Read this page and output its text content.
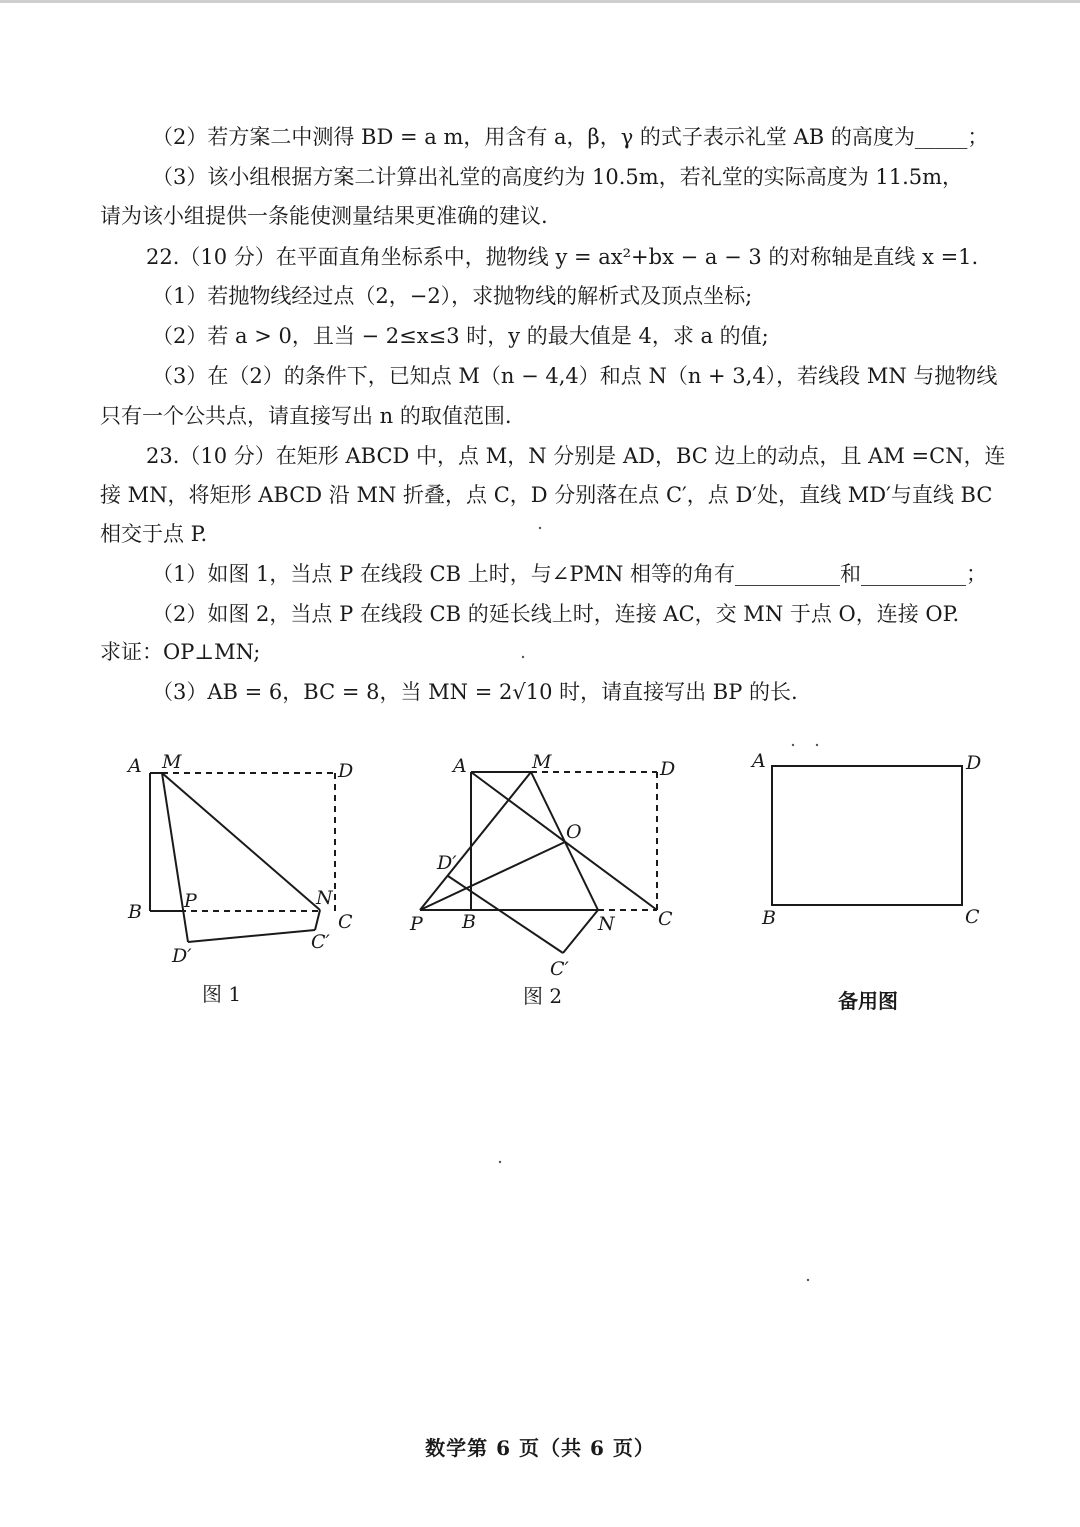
（2）若方案二中测得 BD = a m，用含有 a，β，γ 的式子表示礼堂 AB 的高度为_____；
（3）该小组根据方案二计算出礼堂的高度约为 10.5m，若礼堂的实际高度为 11.5m，
请为该小组提供一条能使测量结果更准确的建议.
22.（10 分）在平面直角坐标系中，抛物线 y = ax²+bx − a − 3 的对称轴是直线 x =1.
（1）若抛物线经过点（2，−2），求抛物线的解析式及顶点坐标;
（2）若 a > 0，且当 − 2≤x≤3 时，y 的最大值是 4，求 a 的值;
（3）在（2）的条件下，已知点 M（n − 4,4）和点 N（n + 3,4），若线段 MN 与抛物线
只有一个公共点，请直接写出 n 的取值范围.
23.（10 分）在矩形 ABCD 中，点 M，N 分别是 AD，BC 边上的动点，且 AM =CN，连
接 MN，将矩形 ABCD 沿 MN 折叠，点 C，D 分别落在点 C′，点 D′处，直线 MD′与直线 BC
相交于点 P.
（1）如图 1，当点 P 在线段 CB 上时，与∠PMN 相等的角有__________和__________；
（2）如图 2，当点 P 在线段 CB 的延长线上时，连接 AC，交 MN 于点 O，连接 OP.
求证：OP⊥MN;
（3）AB = 6，BC = 8，当 MN = 2√10 时，请直接写出 BP 的长.
A M	D
B P	N
C
C′
D′
图 1
A	M	D
O
D′
P B	N C
C′
图 2
A	D
B	C
备用图
数学第 6 页（共 6 页）
